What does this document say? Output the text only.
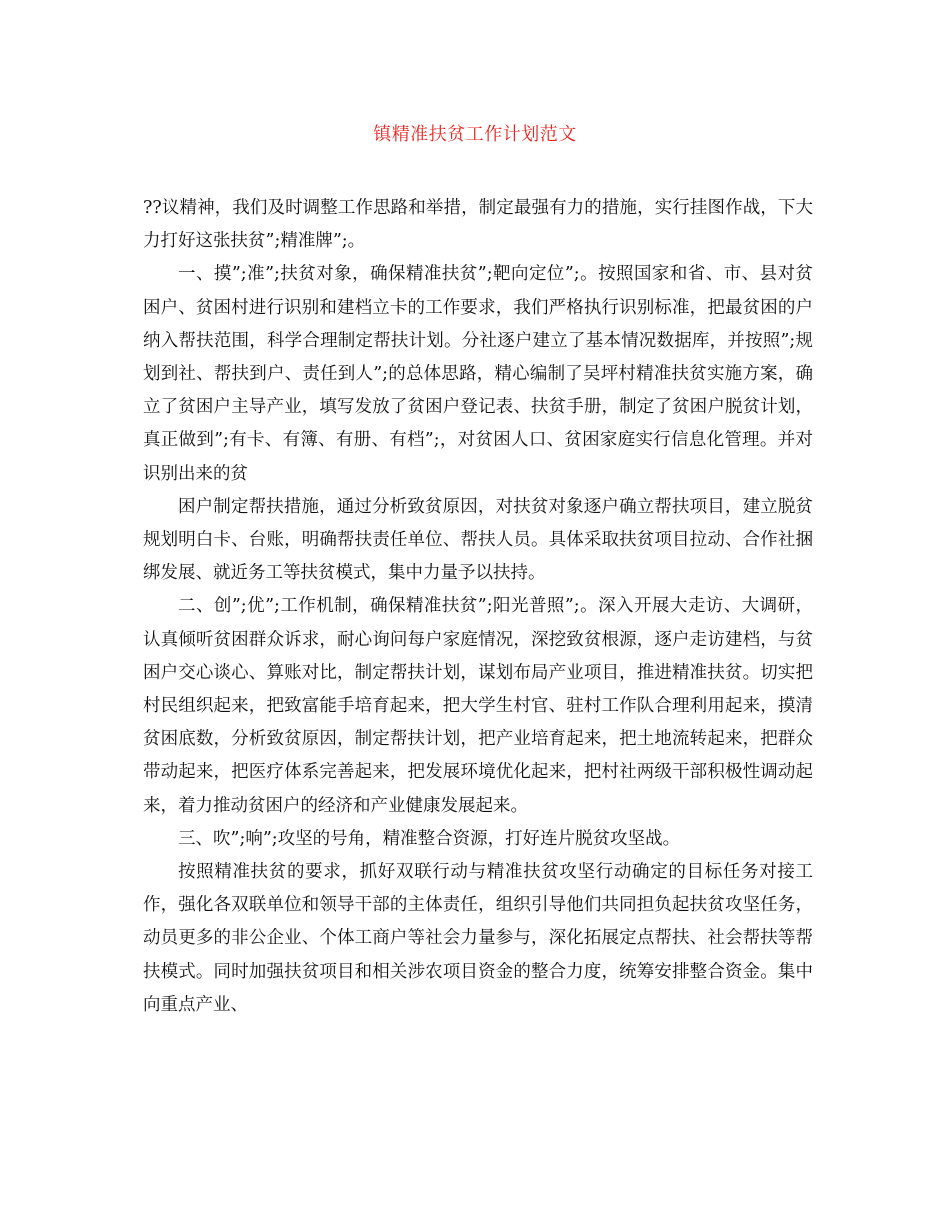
镇精准扶贫工作计划范文

??议精神，我们及时调整工作思路和举措，制定最强有力的措施，实行挂图作战，下大力打好这张扶贫”;精准牌”;。

一、摸”;准”;扶贫对象，确保精准扶贫”;靶向定位”;。按照国家和省、市、县对贫困户、贫困村进行识别和建档立卡的工作要求，我们严格执行识别标准，把最贫困的户纳入帮扶范围，科学合理制定帮扶计划。分社逐户建立了基本情况数据库，并按照”;规划到社、帮扶到户、责任到人”;的总体思路，精心编制了吴坪村精准扶贫实施方案，确立了贫困户主导产业，填写发放了贫困户登记表、扶贫手册，制定了贫困户脱贫计划，真正做到”;有卡、有簿、有册、有档”;，对贫困人口、贫困家庭实行信息化管理。并对识别出来的贫

困户制定帮扶措施，通过分析致贫原因，对扶贫对象逐户确立帮扶项目，建立脱贫规划明白卡、台账，明确帮扶责任单位、帮扶人员。具体采取扶贫项目拉动、合作社捆绑发展、就近务工等扶贫模式，集中力量予以扶持。

二、创”;优”;工作机制，确保精准扶贫”;阳光普照”;。深入开展大走访、大调研，认真倾听贫困群众诉求，耐心询问每户家庭情况，深挖致贫根源，逐户走访建档，与贫困户交心谈心、算账对比，制定帮扶计划，谋划布局产业项目，推进精准扶贫。切实把村民组织起来，把致富能手培育起来，把大学生村官、驻村工作队合理利用起来，摸清贫困底数，分析致贫原因，制定帮扶计划，把产业培育起来，把土地流转起来，把群众带动起来，把医疗体系完善起来，把发展环境优化起来，把村社两级干部积极性调动起来，着力推动贫困户的经济和产业健康发展起来。

三、吹”;响”;攻坚的号角，精准整合资源，打好连片脱贫攻坚战。

按照精准扶贫的要求，抓好双联行动与精准扶贫攻坚行动确定的目标任务对接工作，强化各双联单位和领导干部的主体责任，组织引导他们共同担负起扶贫攻坚任务，动员更多的非公企业、个体工商户等社会力量参与，深化拓展定点帮扶、社会帮扶等帮扶模式。同时加强扶贫项目和相关涉农项目资金的整合力度，统筹安排整合资金。集中向重点产业、
